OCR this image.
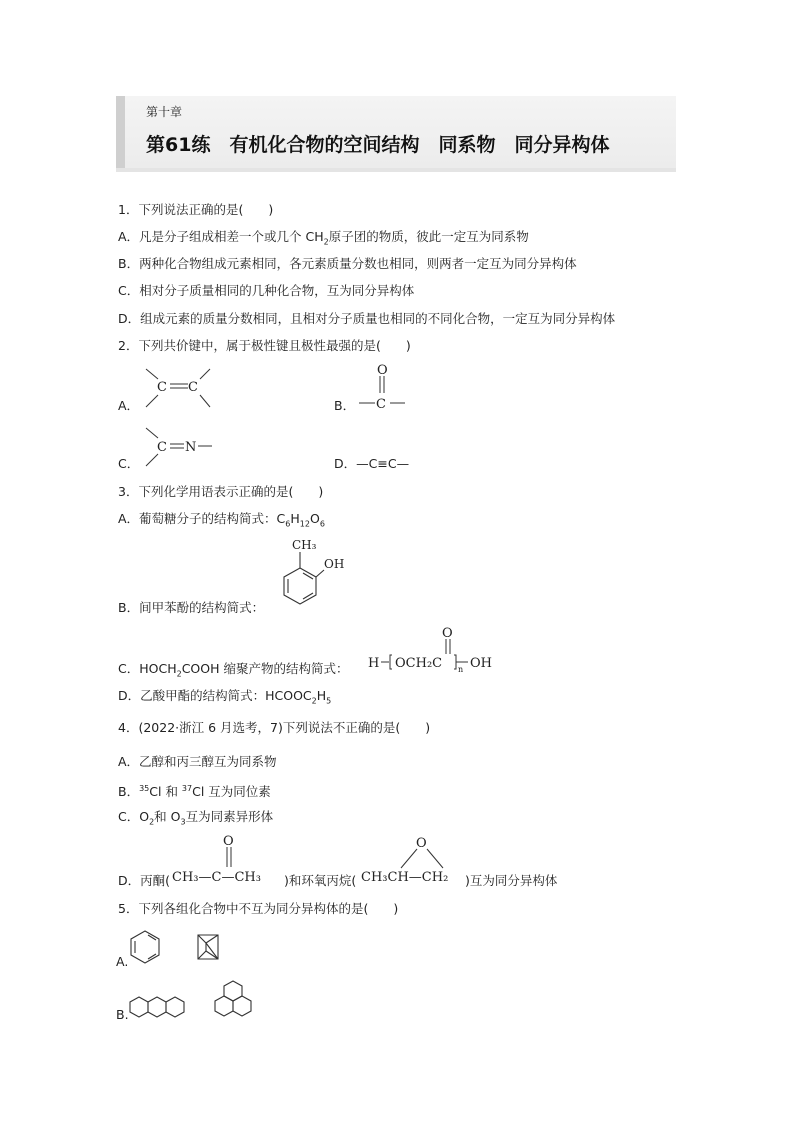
第十章
第61练　有机化合物的空间结构　同系物　同分异构体
1．下列说法正确的是(　　)
A．凡是分子组成相差一个或几个 $CH_2$原子团的物质，彼此一定互为同系物
B．两种化合物组成元素相同，各元素质量分数也相同，则两者一定互为同分异构体
C．相对分子质量相同的几种化合物，互为同分异构体
D．组成元素的质量分数相同，且相对分子质量也相同的不同化合物，一定互为同分异构体
2．下列共价键中，属于极性键且极性最强的是(　　)
A．
C C
B．
O
C
C．
C N
D．—C≡C—
3．下列化学用语表示正确的是(　　)
A．葡萄糖分子的结构简式：$C_6H_{12}O_6$
B．间甲苯酚的结构简式：
CH₃
OH
C．$HOCH_2COOH$ 缩聚产物的结构简式： H OCH₂C n OH
O
D．乙酸甲酯的结构简式：$HCOOC_2H_5$
4．(2022·浙江 6 月选考，7)下列说法不正确的是(　　)
A．乙醇和丙三醇互为同系物
B．$^{35}$Cl 和 $^{37}$Cl 互为同位素
C．$O_2$和 $O_3$互为同素异形体
D．丙酮( CH₃—C—CH₃
O
)和环氧丙烷( CH₃CH—CH₂
O
)互为同分异构体
5．下列各组化合物中不互为同分异构体的是(　　)
A.
B.
